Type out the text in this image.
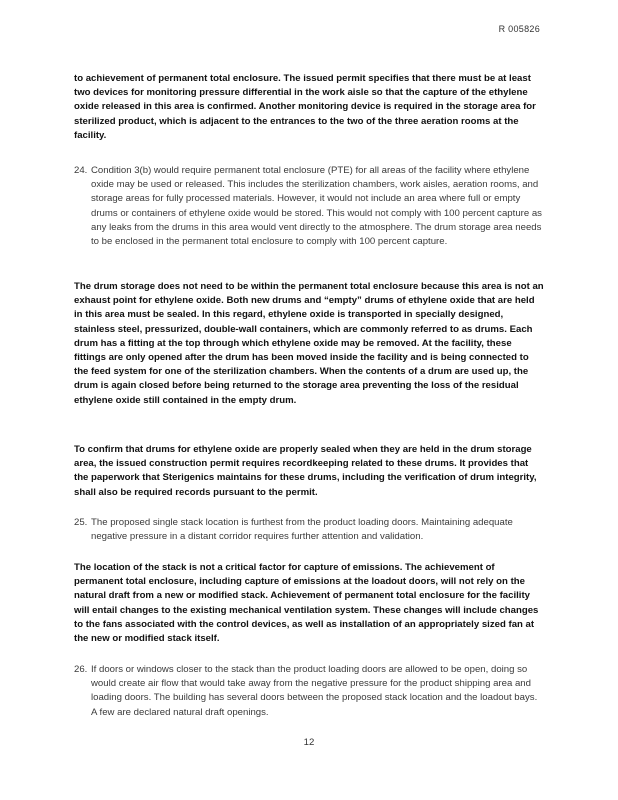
R 005826

to achievement of permanent total enclosure. The issued permit specifies that there must be at least two devices for monitoring pressure differential in the work aisle so that the capture of the ethylene oxide released in this area is confirmed. Another monitoring device is required in the storage area for sterilized product, which is adjacent to the entrances to the two of the three aeration rooms at the facility.

24. Condition 3(b) would require permanent total enclosure (PTE) for all areas of the facility where ethylene oxide may be used or released. This includes the sterilization chambers, work aisles, aeration rooms, and storage areas for fully processed materials. However, it would not include an area where full or empty drums or containers of ethylene oxide would be stored. This would not comply with 100 percent capture as any leaks from the drums in this area would vent directly to the atmosphere. The drum storage area needs to be enclosed in the permanent total enclosure to comply with 100 percent capture.

The drum storage does not need to be within the permanent total enclosure because this area is not an exhaust point for ethylene oxide. Both new drums and “empty” drums of ethylene oxide that are held in this area must be sealed. In this regard, ethylene oxide is transported in specially designed, stainless steel, pressurized, double-wall containers, which are commonly referred to as drums. Each drum has a fitting at the top through which ethylene oxide may be removed. At the facility, these fittings are only opened after the drum has been moved inside the facility and is being connected to the feed system for one of the sterilization chambers. When the contents of a drum are used up, the drum is again closed before being returned to the storage area preventing the loss of the residual ethylene oxide still contained in the empty drum.

To confirm that drums for ethylene oxide are properly sealed when they are held in the drum storage area, the issued construction permit requires recordkeeping related to these drums. It provides that the paperwork that Sterigenics maintains for these drums, including the verification of drum integrity, shall also be required records pursuant to the permit.

25. The proposed single stack location is furthest from the product loading doors. Maintaining adequate negative pressure in a distant corridor requires further attention and validation.

The location of the stack is not a critical factor for capture of emissions. The achievement of permanent total enclosure, including capture of emissions at the loadout doors, will not rely on the natural draft from a new or modified stack. Achievement of permanent total enclosure for the facility will entail changes to the existing mechanical ventilation system. These changes will include changes to the fans associated with the control devices, as well as installation of an appropriately sized fan at the new or modified stack itself.

26. If doors or windows closer to the stack than the product loading doors are allowed to be open, doing so would create air flow that would take away from the negative pressure for the product shipping area and loading doors. The building has several doors between the proposed stack location and the loadout bays. A few are declared natural draft openings.
12
